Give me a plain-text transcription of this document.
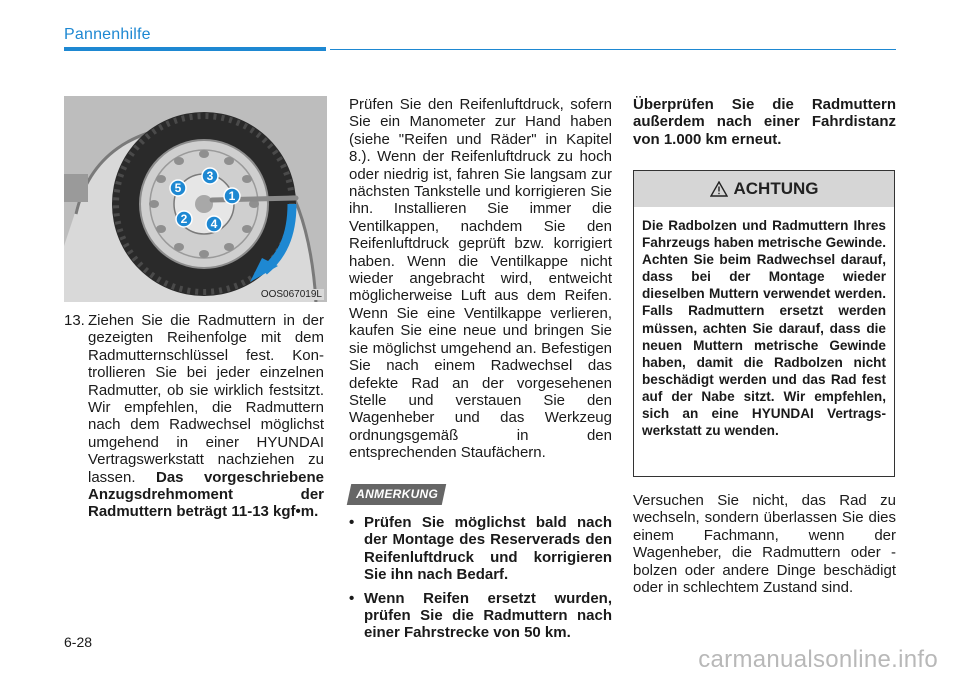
Pannenhilfe
1
2
3
4
5
OOS067019L
13. Ziehen Sie die Radmuttern in der gezeigten Reihenfolge mit dem Radmutternschlüssel fest. Kontrollieren Sie bei jeder einzelnen Radmutter, ob sie wirklich festsitzt. Wir empfehlen, die Radmuttern nach dem Radwechsel möglichst umgehend in einer HYUNDAI Vertragswerkstatt nachziehen zu lassen. Das vorgeschriebene Anzugsdrehmoment der Radmuttern beträgt 11-13 kgf•m.
Prüfen Sie den Reifenluftdruck, sofern Sie ein Manometer zur Hand haben (siehe "Reifen und Räder" in Kapitel 8.). Wenn der Reifenluftdruck zu hoch oder niedrig ist, fahren Sie langsam zur nächsten Tankstelle und korrigieren Sie ihn. Installieren Sie immer die Ventilkappen, nachdem Sie den Reifenluftdruck geprüft bzw. korrigiert haben. Wenn die Ventilkappe nicht wieder angebracht wird, entweicht möglicherweise Luft aus dem Reifen. Wenn Sie eine Ventilkappe verlieren, kaufen Sie eine neue und bringen Sie sie möglichst umgehend an. Befestigen Sie nach einem Radwechsel das defekte Rad an der vorgesehenen Stelle und verstauen Sie den Wagenheber und das Werkzeug ordnungsgemäß in den entsprechenden Staufächern.
ANMERKUNG
• Prüfen Sie möglichst bald nach der Montage des Reserverads den Reifenluftdruck und korrigieren Sie ihn nach Bedarf.
• Wenn Reifen ersetzt wurden, prüfen Sie die Radmuttern nach einer Fahrstrecke von 50 km.
Überprüfen Sie die Radmuttern außerdem nach einer Fahrdistanz von 1.000 km erneut.
ACHTUNG
Die Radbolzen und Radmuttern Ihres Fahrzeugs haben metrische Gewinde. Achten Sie beim Radwechsel darauf, dass bei der Montage wieder dieselben Muttern verwendet werden. Falls Radmuttern ersetzt werden müssen, achten Sie darauf, dass die neuen Muttern metrische Gewinde haben, damit die Radbolzen nicht beschädigt werden und das Rad fest auf der Nabe sitzt. Wir empfehlen, sich an eine HYUNDAI Vertragswerkstatt zu wenden.
Versuchen Sie nicht, das Rad zu wechseln, sondern überlassen Sie dies einem Fachmann, wenn der Wagenheber, die Radmuttern oder -bolzen oder andere Dinge beschädigt oder in schlechtem Zustand sind.
6-28
carmanualsonline.info
